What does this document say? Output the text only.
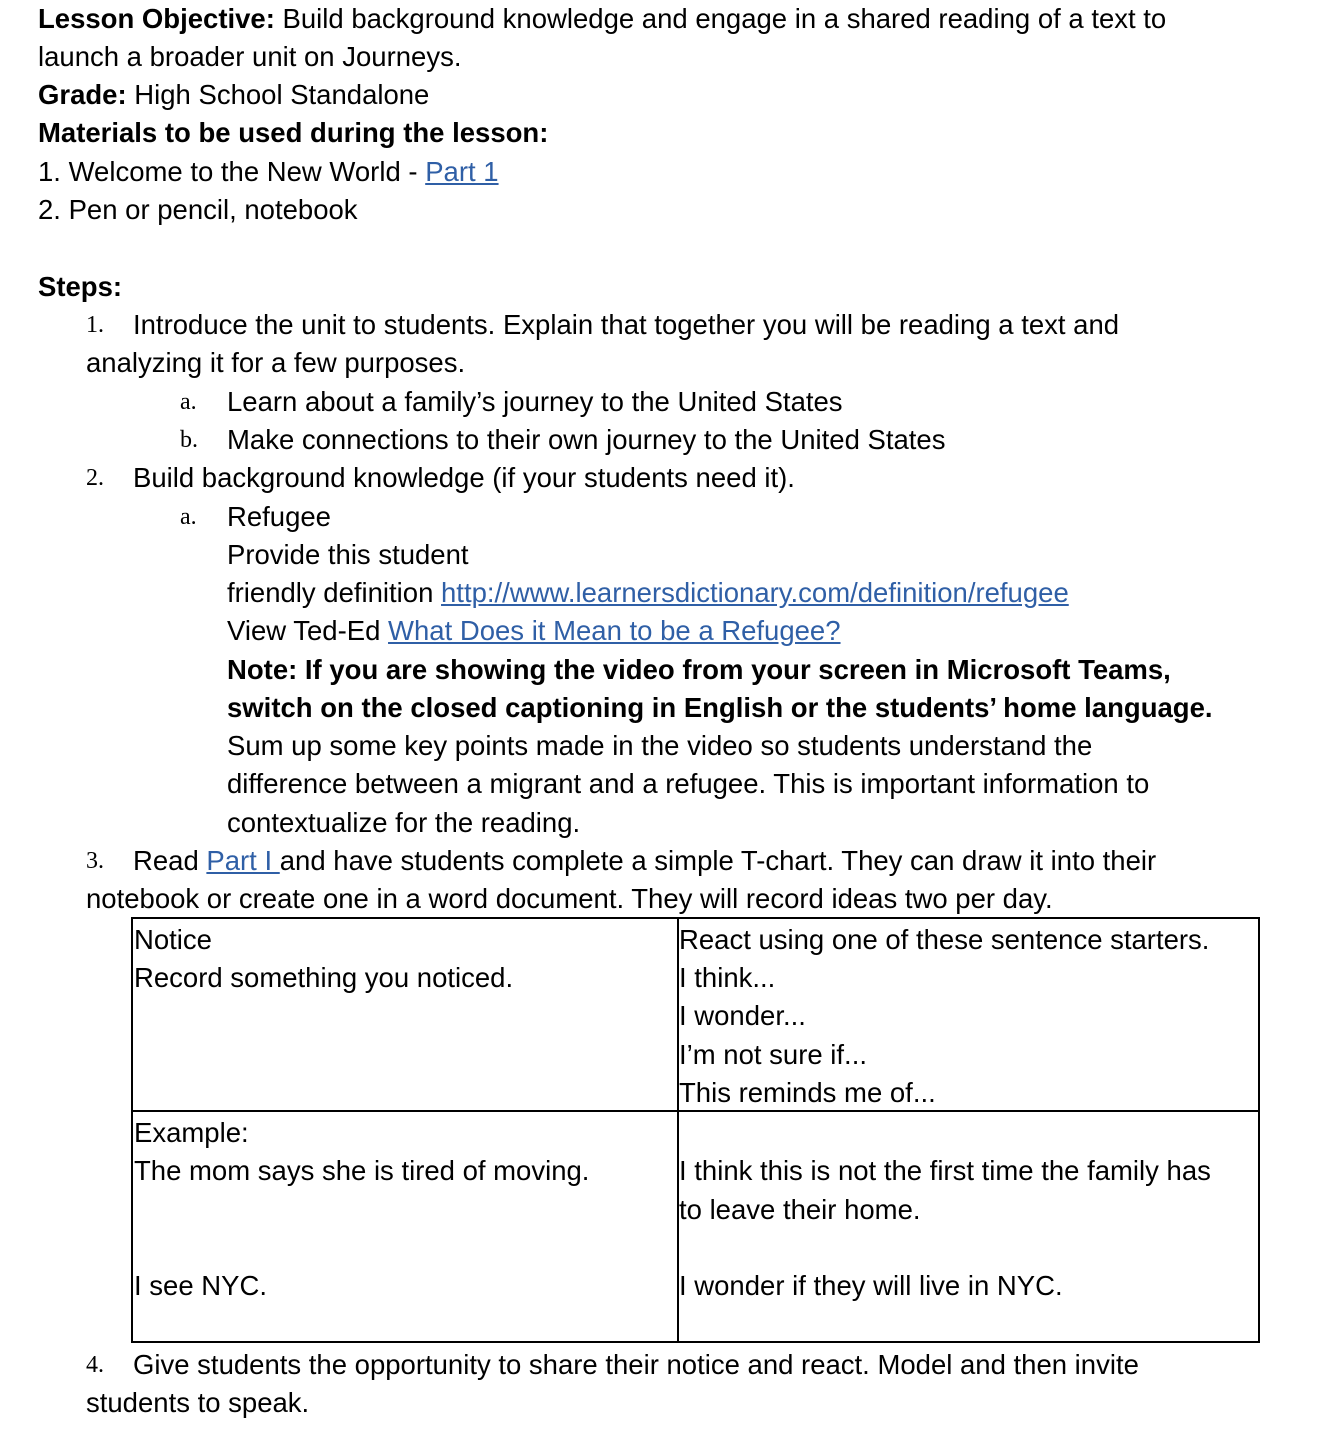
Lesson Objective: Build background knowledge and engage in a shared reading of a text to
launch a broader unit on Journeys.
Grade: High School Standalone
Materials to be used during the lesson:
1. Welcome to the New World - Part 1
2. Pen or pencil, notebook
Steps:
1. Introduce the unit to students. Explain that together you will be reading a text and
analyzing it for a few purposes.
a. Learn about a family’s journey to the United States
b. Make connections to their own journey to the United States
2. Build background knowledge (if your students need it).
a. Refugee
Provide this student
friendly definition http://www.learnersdictionary.com/definition/refugee
View Ted-Ed What Does it Mean to be a Refugee?
Note: If you are showing the video from your screen in Microsoft Teams,
switch on the closed captioning in English or the students’ home language.
Sum up some key points made in the video so students understand the
difference between a migrant and a refugee. This is important information to
contextualize for the reading.
3. Read Part I and have students complete a simple T-chart. They can draw it into their
notebook or create one in a word document. They will record ideas two per day.
Notice
Record something you noticed.
React using one of these sentence starters.
I think...
I wonder...
I’m not sure if...
This reminds me of...
Example:
The mom says she is tired of moving.	I think this is not the first time the family has
to leave their home.
I see NYC.	I wonder if they will live in NYC.
4. Give students the opportunity to share their notice and react. Model and then invite
students to speak.
